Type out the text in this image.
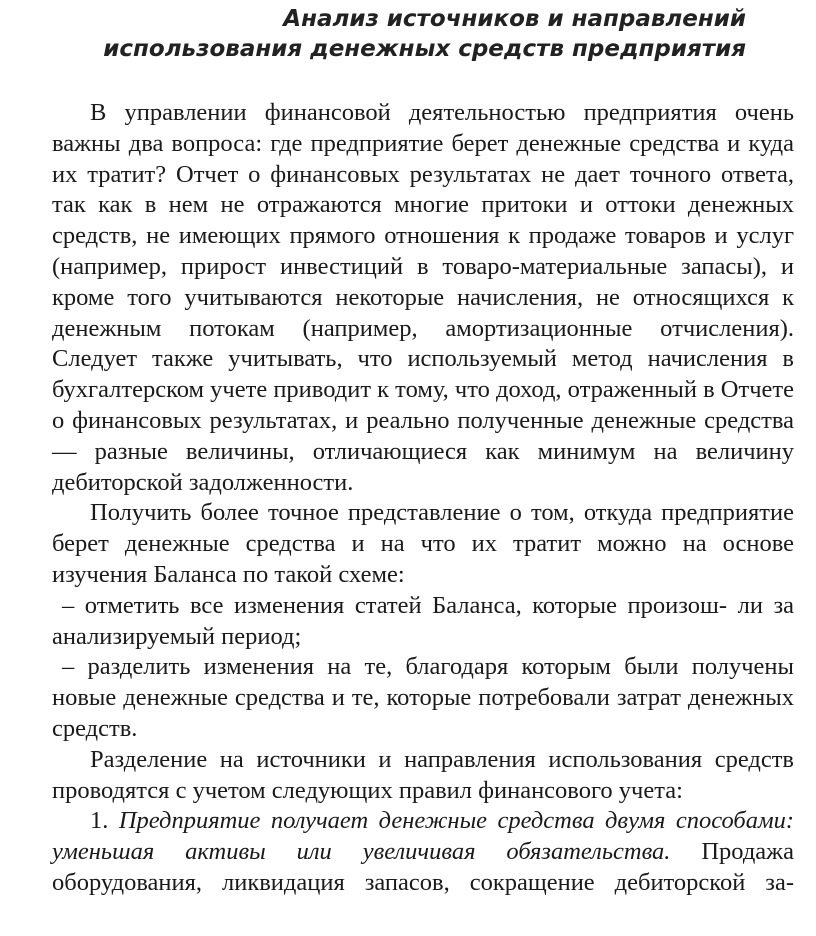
Анализ источников и направлений
использования денежных средств предприятия

В управлении финансовой деятельностью предприятия очень важны два вопроса: где предприятие берет денежные средства и куда их тратит? Отчет о финансовых результатах не дает точного ответа, так как в нем не отражаются многие притоки и оттоки денежных средств, не имеющих прямого отношения к продаже товаров и услуг (например, прирост инвестиций в товаро-материальные запасы), и кроме того учитываются некоторые начисления, не относящихся к денежным потокам (например, амортизационные отчисления). Следует также учитывать, что используемый метод начисления в бухгалтерском учете приводит к тому, что доход, отраженный в Отчете о финансовых результатах, и реально полученные денежные средства — разные величины, отличающиеся как минимум на величину дебиторской задолженности.

Получить более точное представление о том, откуда предприятие берет денежные средства и на что их тратит можно на основе изучения Баланса по такой схеме:

– отметить все изменения статей Баланса, которые произош- ли за анализируемый период;

– разделить изменения на те, благодаря которым были получены новые денежные средства и те, которые потребовали затрат денежных средств.

Разделение на источники и направления использования средств проводятся с учетом следующих правил финансового учета:

1. Предприятие получает денежные средства двумя способами: уменьшая активы или увеличивая обязательства. Продажа оборудования, ликвидация запасов, сокращение дебиторской за-
